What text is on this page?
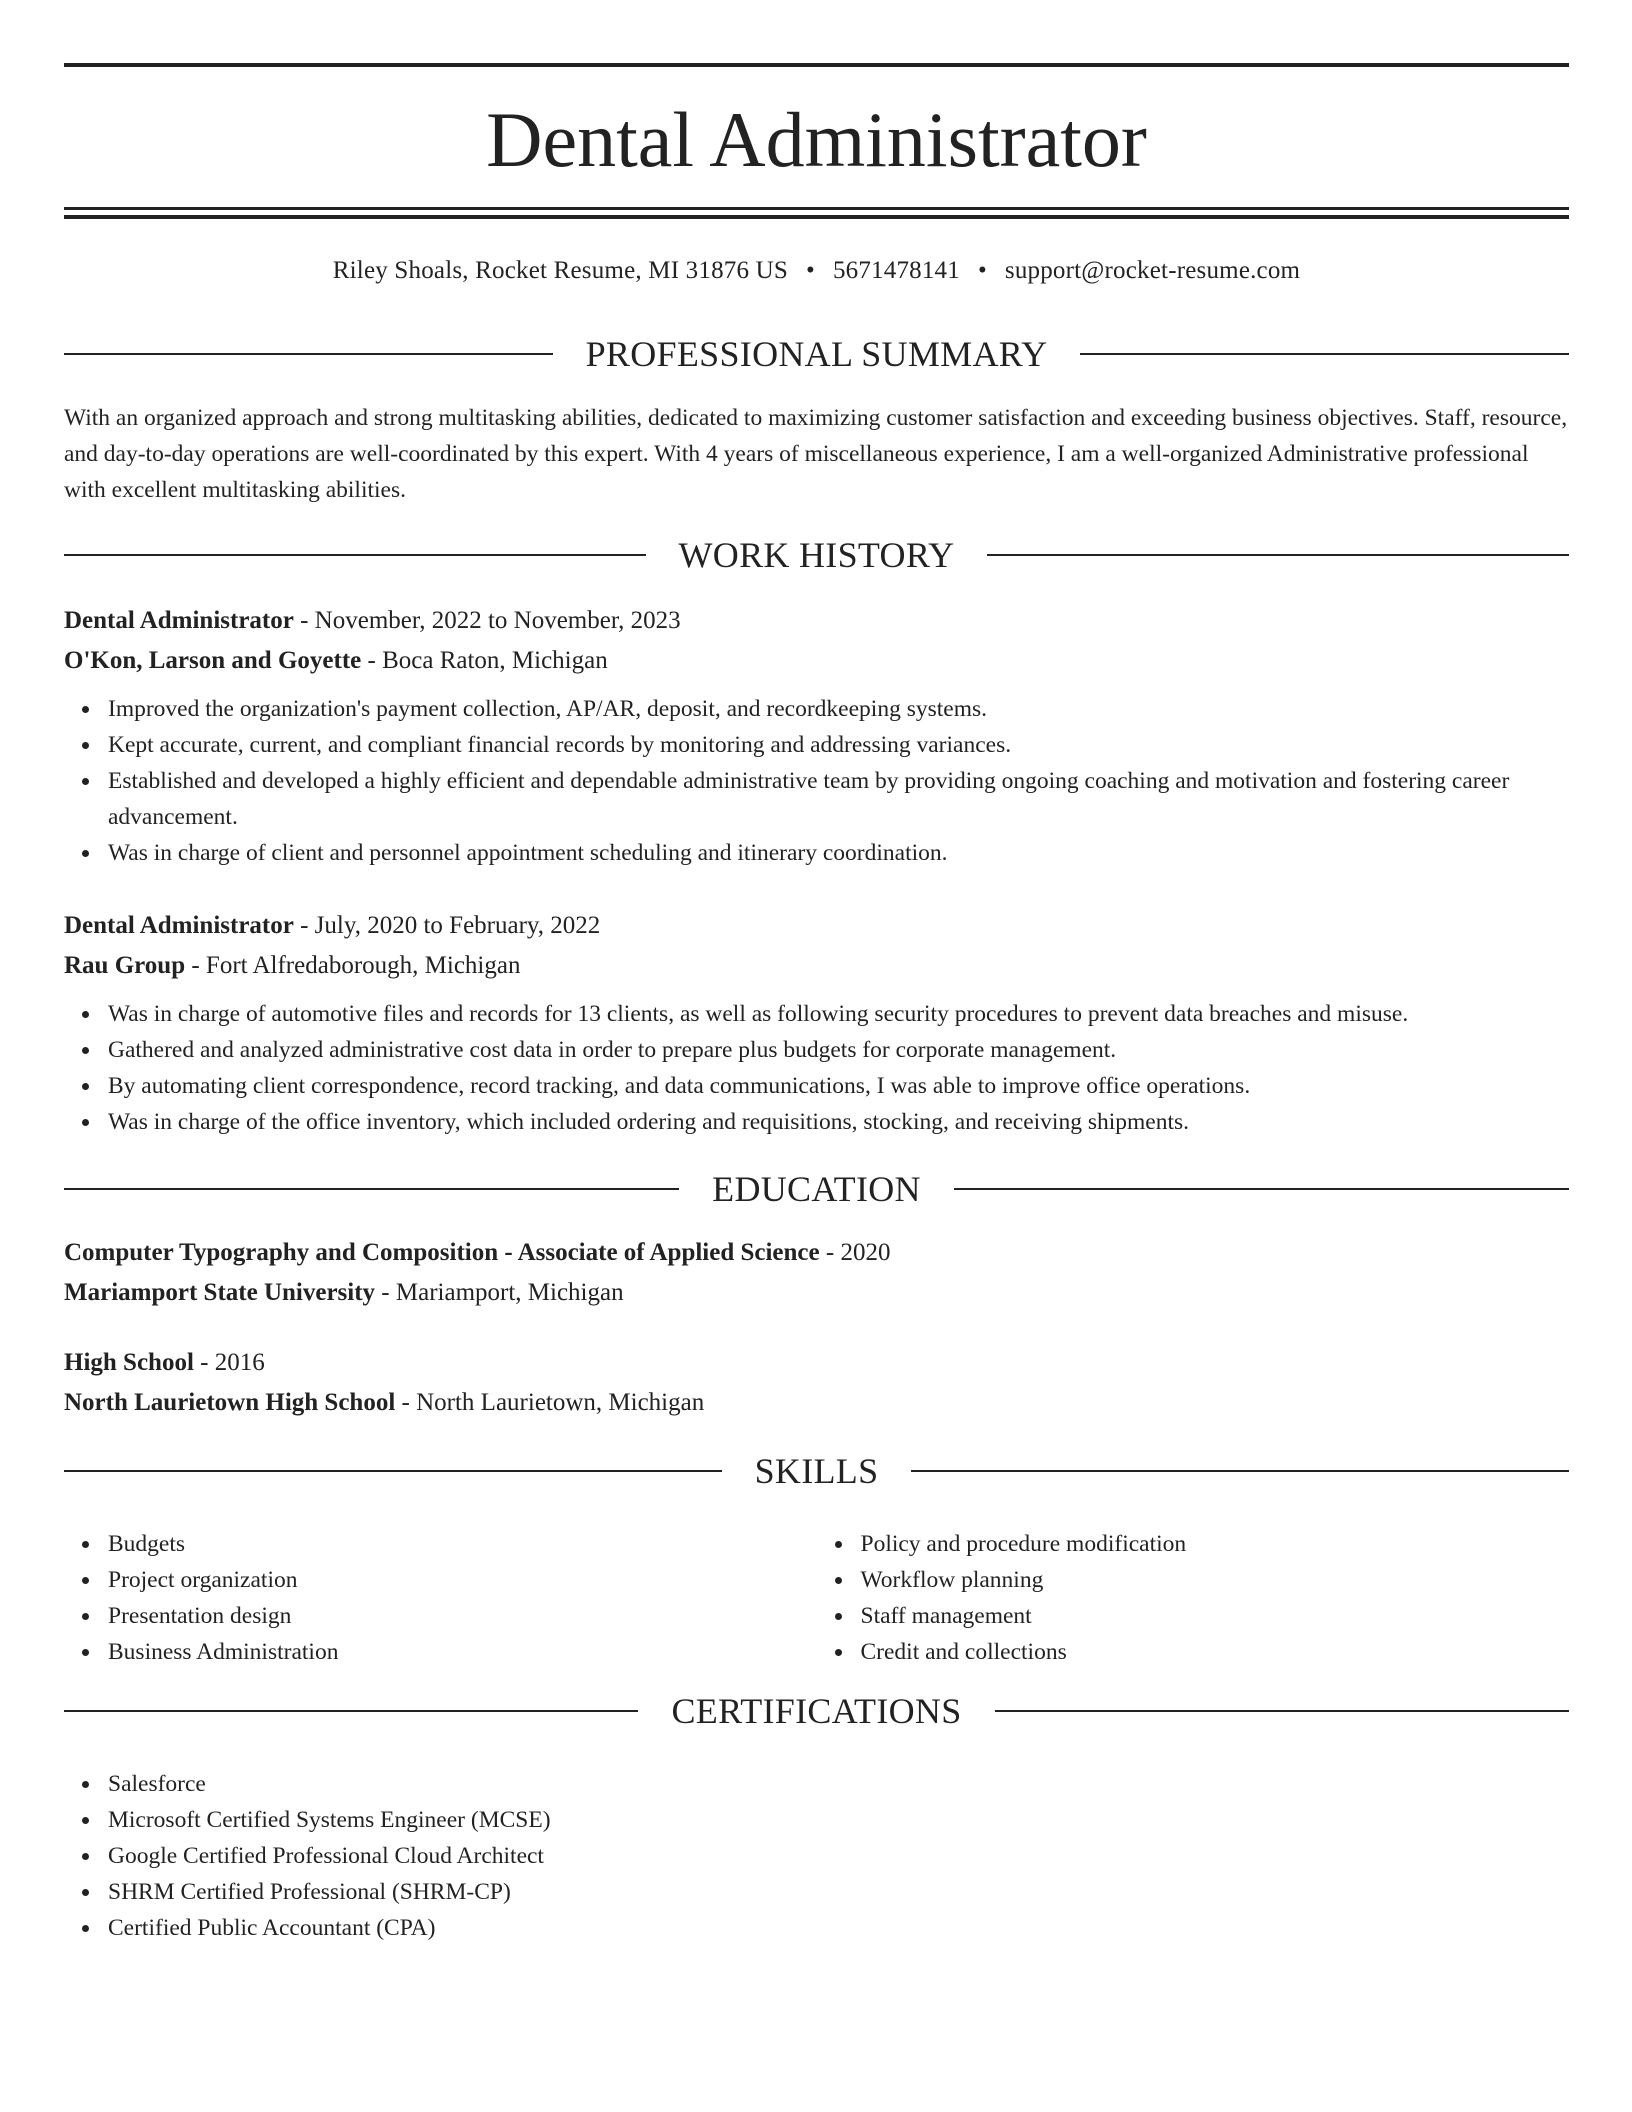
Dental Administrator
Riley Shoals, Rocket Resume, MI 31876 US • 5671478141 • support@rocket-resume.com
PROFESSIONAL SUMMARY

With an organized approach and strong multitasking abilities, dedicated to maximizing customer satisfaction and exceeding business objectives. Staff, resource, and day-to-day operations are well-coordinated by this expert. With 4 years of miscellaneous experience, I am a well-organized Administrative professional with excellent multitasking abilities.

WORK HISTORY
Dental Administrator - November, 2022 to November, 2023
O'Kon, Larson and Goyette - Boca Raton, Michigan
Improved the organization's payment collection, AP/AR, deposit, and recordkeeping systems.
Kept accurate, current, and compliant financial records by monitoring and addressing variances.
Established and developed a highly efficient and dependable administrative team by providing ongoing coaching and motivation and fostering career advancement.
Was in charge of client and personnel appointment scheduling and itinerary coordination.
Dental Administrator - July, 2020 to February, 2022
Rau Group - Fort Alfredaborough, Michigan
Was in charge of automotive files and records for 13 clients, as well as following security procedures to prevent data breaches and misuse.
Gathered and analyzed administrative cost data in order to prepare plus budgets for corporate management.
By automating client correspondence, record tracking, and data communications, I was able to improve office operations.
Was in charge of the office inventory, which included ordering and requisitions, stocking, and receiving shipments.
EDUCATION
Computer Typography and Composition - Associate of Applied Science - 2020
Mariamport State University - Mariamport, Michigan
High School - 2016
North Laurietown High School - North Laurietown, Michigan
SKILLS
Budgets
Project organization
Presentation design
Business Administration
Policy and procedure modification
Workflow planning
Staff management
Credit and collections
CERTIFICATIONS
Salesforce
Microsoft Certified Systems Engineer (MCSE)
Google Certified Professional Cloud Architect
SHRM Certified Professional (SHRM-CP)
Certified Public Accountant (CPA)
